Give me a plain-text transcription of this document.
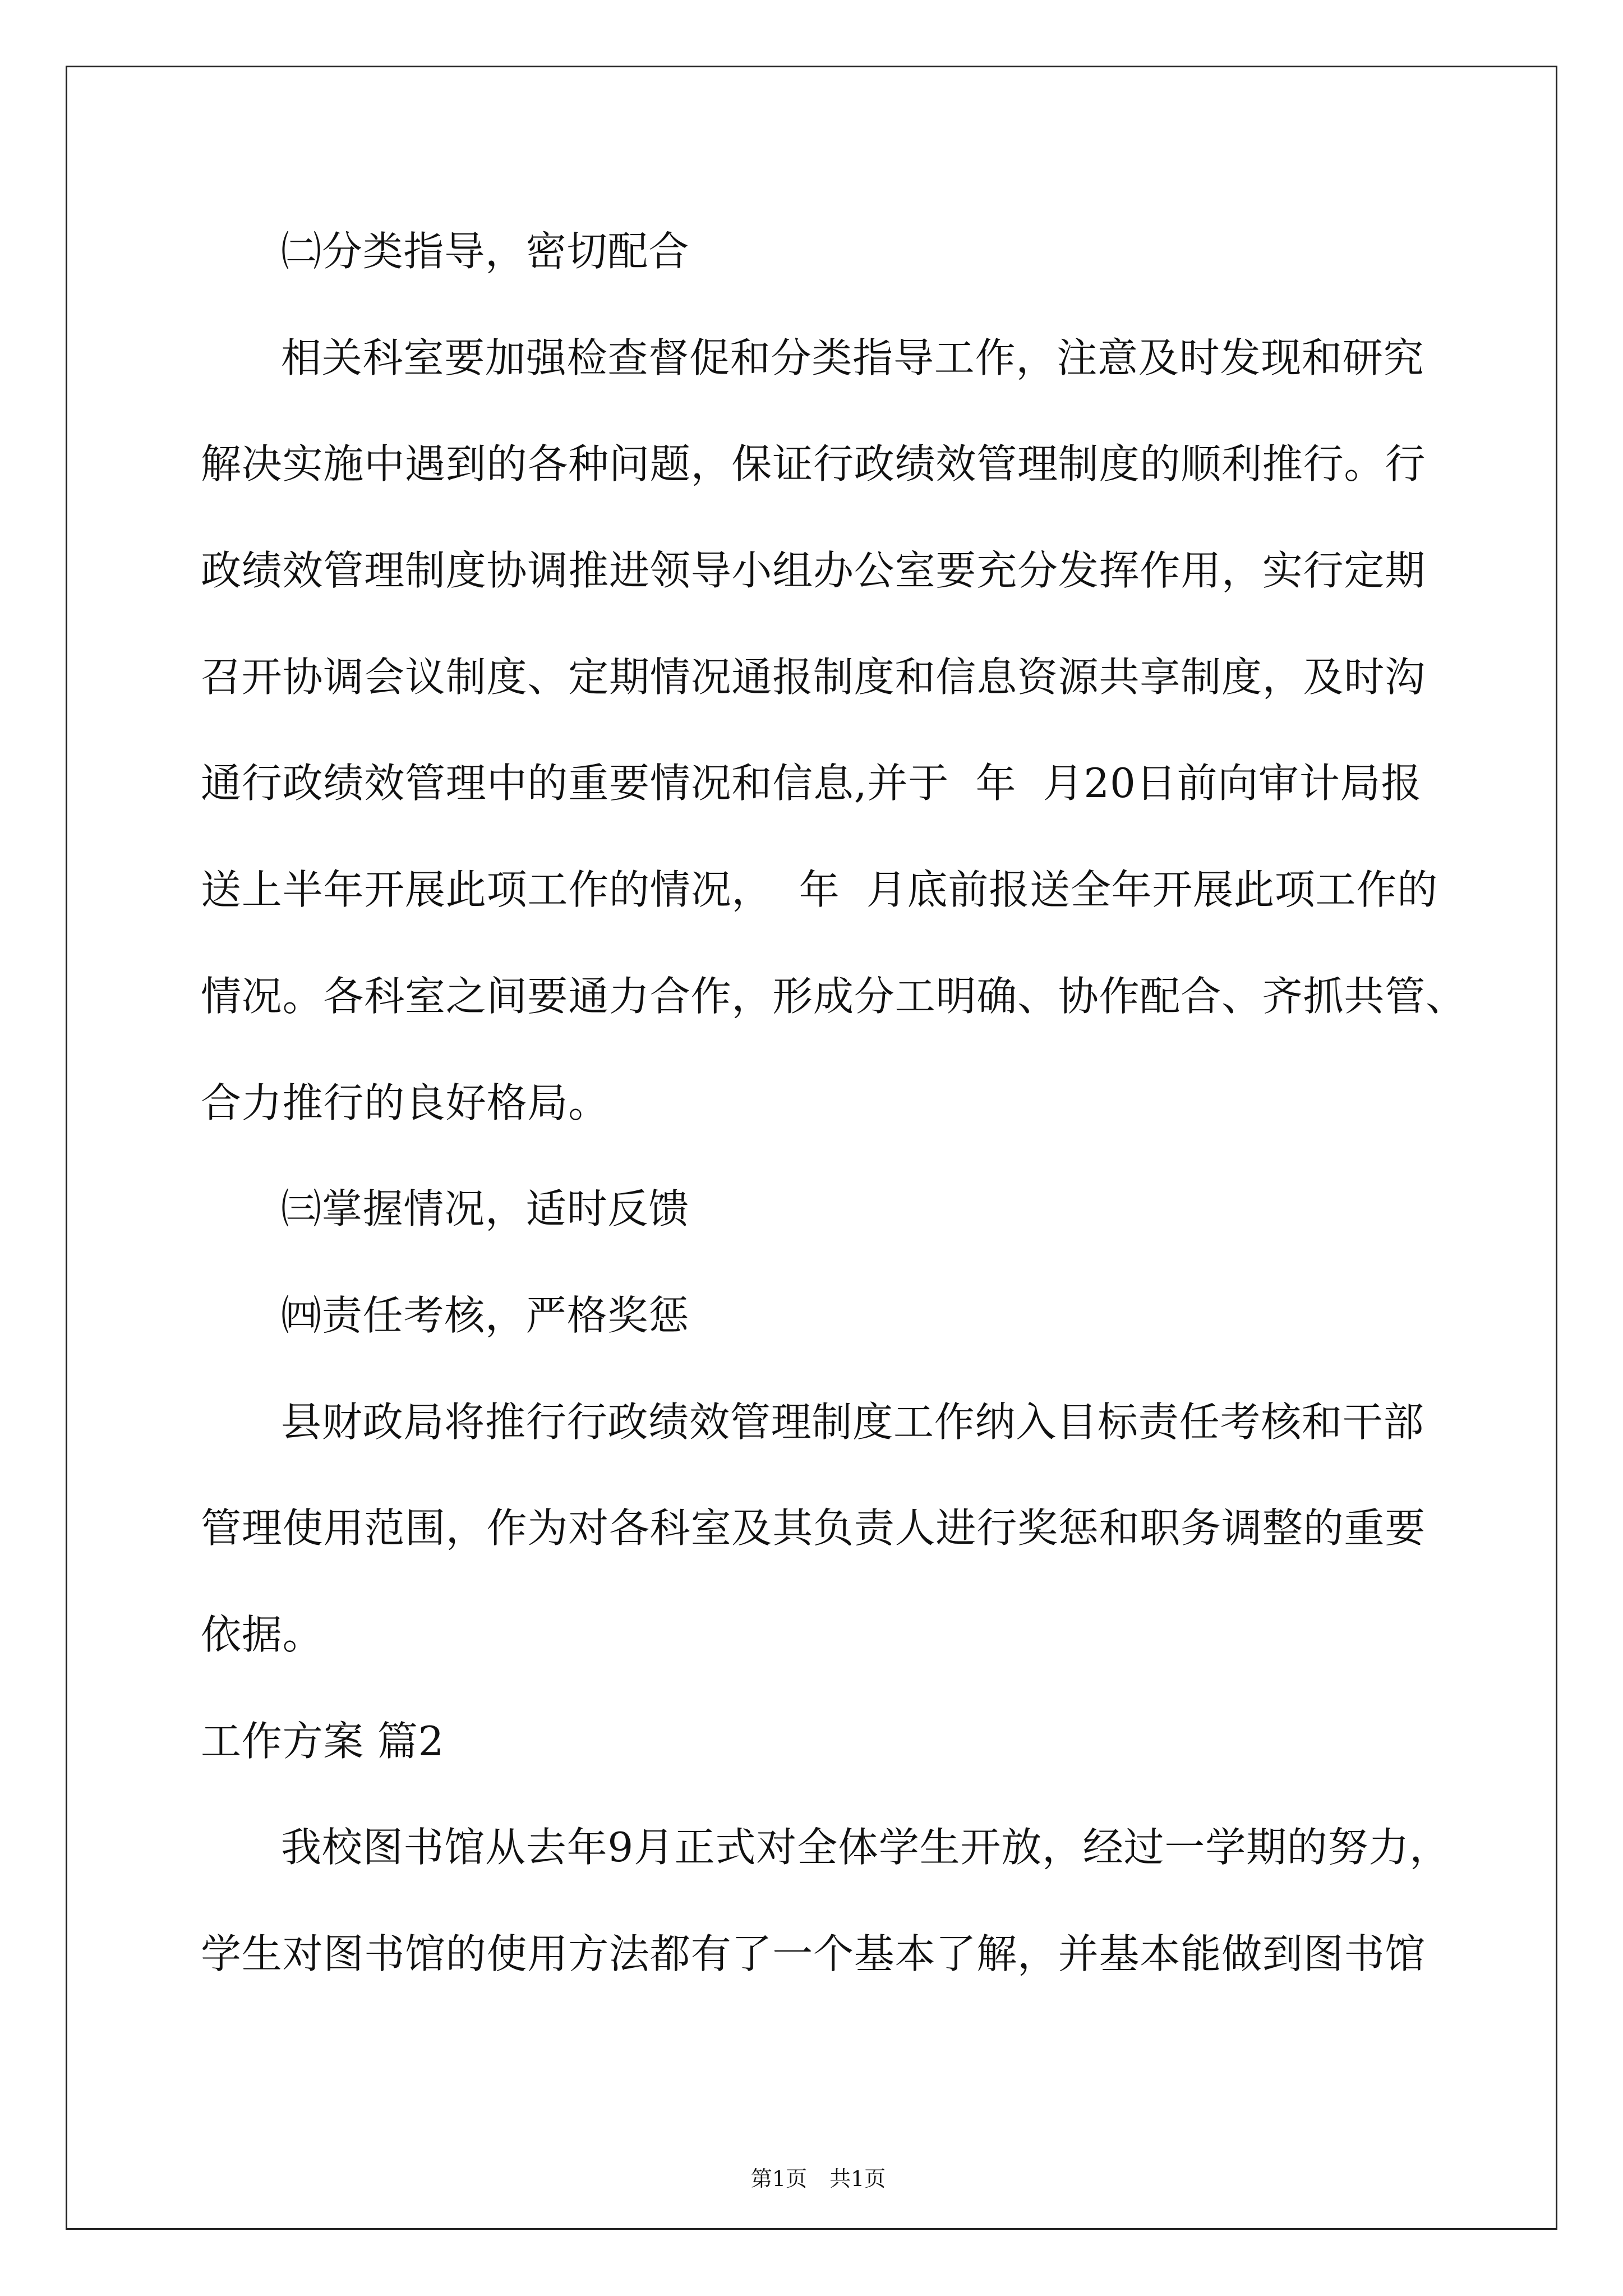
㈡分类指导，密切配合
相关科室要加强检查督促和分类指导工作，注意及时发现和研究
解决实施中遇到的各种问题，保证行政绩效管理制度的顺利推行。行
政绩效管理制度协调推进领导小组办公室要充分发挥作用，实行定期
召开协调会议制度、定期情况通报制度和信息资源共享制度，及时沟
通行政绩效管理中的重要情况和信息,并于  年  月20日前向审计局报
送上半年开展此项工作的情况，  年  月底前报送全年开展此项工作的
情况。各科室之间要通力合作，形成分工明确、协作配合、齐抓共管、
合力推行的良好格局。
㈢掌握情况，适时反馈
㈣责任考核，严格奖惩
县财政局将推行行政绩效管理制度工作纳入目标责任考核和干部
管理使用范围，作为对各科室及其负责人进行奖惩和职务调整的重要
依据。
工作方案 篇2
我校图书馆从去年9月正式对全体学生开放，经过一学期的努力，
学生对图书馆的使用方法都有了一个基本了解，并基本能做到图书馆

第1页 共1页
